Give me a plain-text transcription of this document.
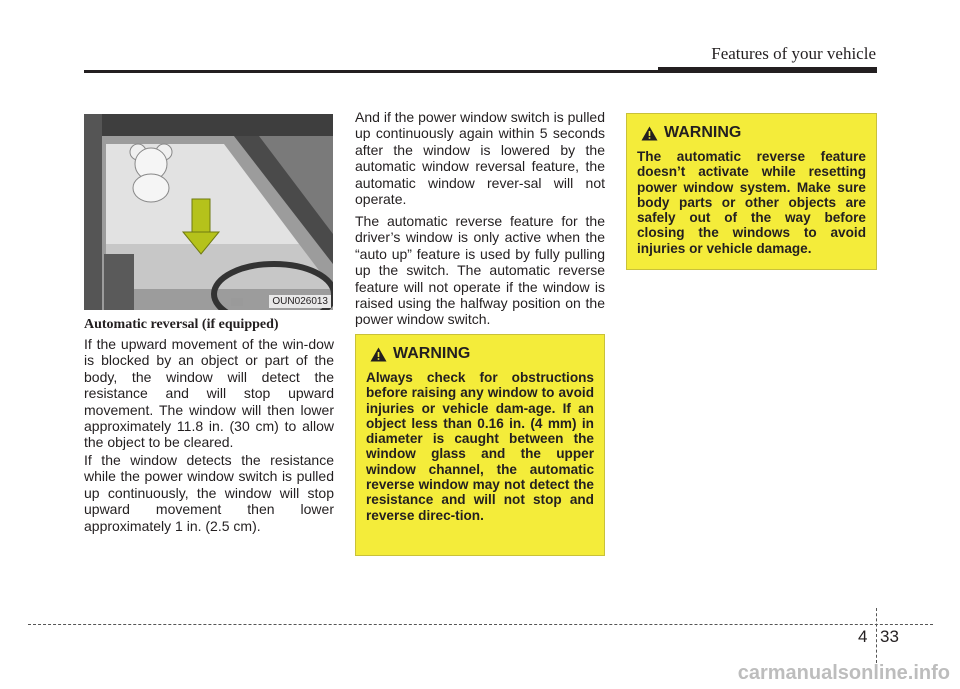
Features of your vehicle
OUN026013
Automatic reversal (if equipped)

If the upward movement of the win-dow is blocked by an object or part of the body, the window will detect the resistance and will stop upward movement. The window will then lower approximately 11.8 in. (30 cm) to allow the object to be cleared.

If the window detects the resistance while the power window switch is pulled up continuously, the window will stop upward movement then lower approximately 1 in. (2.5 cm).

And if the power window switch is pulled up continuously again within 5 seconds after the window is lowered by the automatic window reversal feature, the automatic window rever-sal will not operate.

The automatic reverse feature for the driver’s window is only active when the “auto up” feature is used by fully pulling up the switch. The automatic reverse feature will not operate if the window is raised using the halfway position on the power window switch.

WARNING

Always check for obstructions before raising any window to avoid injuries or vehicle dam-age. If an object less than 0.16 in. (4 mm) in diameter is caught between the window glass and the upper window channel, the automatic reverse window may not detect the resistance and will not stop and reverse direc-tion.

WARNING

The automatic reverse feature doesn’t activate while resetting power window system. Make sure body parts or other objects are safely out of the way before closing the windows to avoid injuries or vehicle damage.

4 33
carmanualsonline.info
